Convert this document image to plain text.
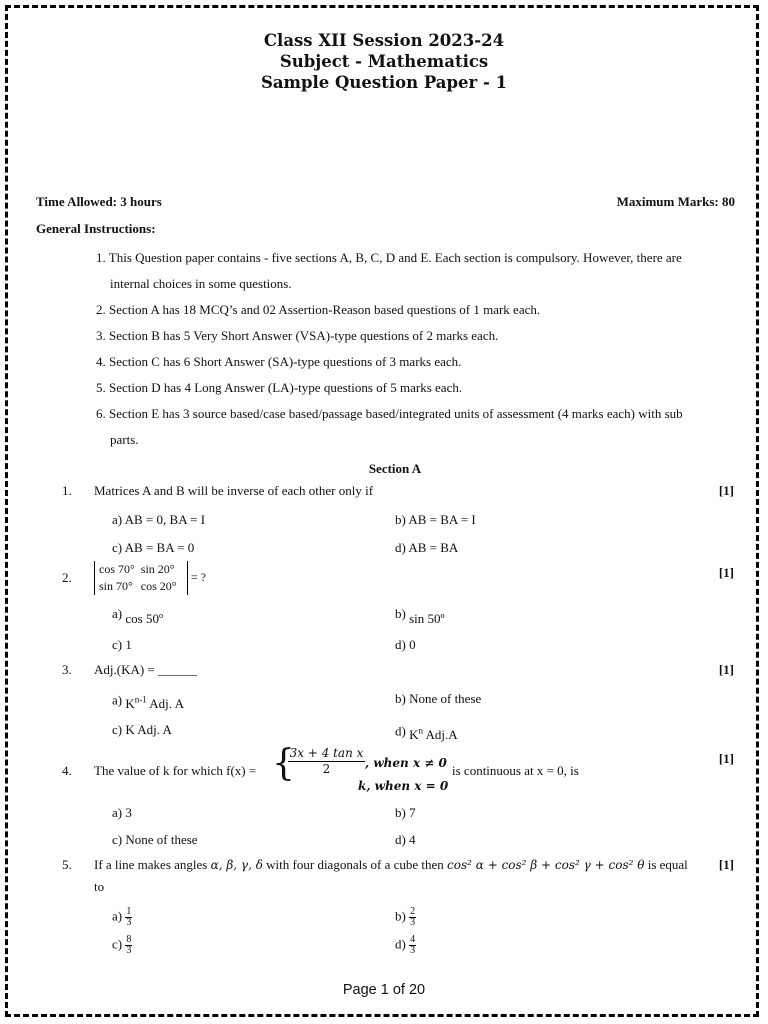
Class XII Session 2023-24
Subject - Mathematics
Sample Question Paper - 1
Time Allowed: 3 hours	Maximum Marks: 80
General Instructions:
1. This Question paper contains - five sections A, B, C, D and E. Each section is compulsory. However, there are
internal choices in some questions.
2. Section A has 18 MCQ’s and 02 Assertion-Reason based questions of 1 mark each.
3. Section B has 5 Very Short Answer (VSA)-type questions of 2 marks each.
4. Section C has 6 Short Answer (SA)-type questions of 3 marks each.
5. Section D has 4 Long Answer (LA)-type questions of 5 marks each.
6. Section E has 3 source based/case based/passage based/integrated units of assessment (4 marks each) with sub
parts.
Section A
1. Matrices A and B will be inverse of each other only if	[1]
a) AB = 0, BA = I	b) AB = BA = I
c) AB = BA = 0	d) AB = BA
2.
cos 70°	sin 20°
sin 70°	cos 20°
= ?	[1]
a) cos 50º	b) sin 50º
c) 1	d) 0
3. Adj.(KA) = ______	[1]
a) $K^{n-1}$ Adj. A	b) None of these
c) K Adj. A	d) $K^n$ Adj.A
4. The value of k for which f(x) = {
$\frac{\text{3x + 4 tan x}}{2}$ , when x ≠ 0
k, when x = 0
is continuous at x = 0, is
[1]
a) 3	b) 7
c) None of these	d) 4
5. If a line makes angles α, β, γ, δ with four diagonals of a cube then cos² α + cos² β + cos² γ + cos² θ is equal
to
[1]
$a) \frac{1}{3}$	$b) \frac{2}{3}$
$c) \frac{8}{3}$	$d) \frac{4}{3}$
Page 1 of 20
